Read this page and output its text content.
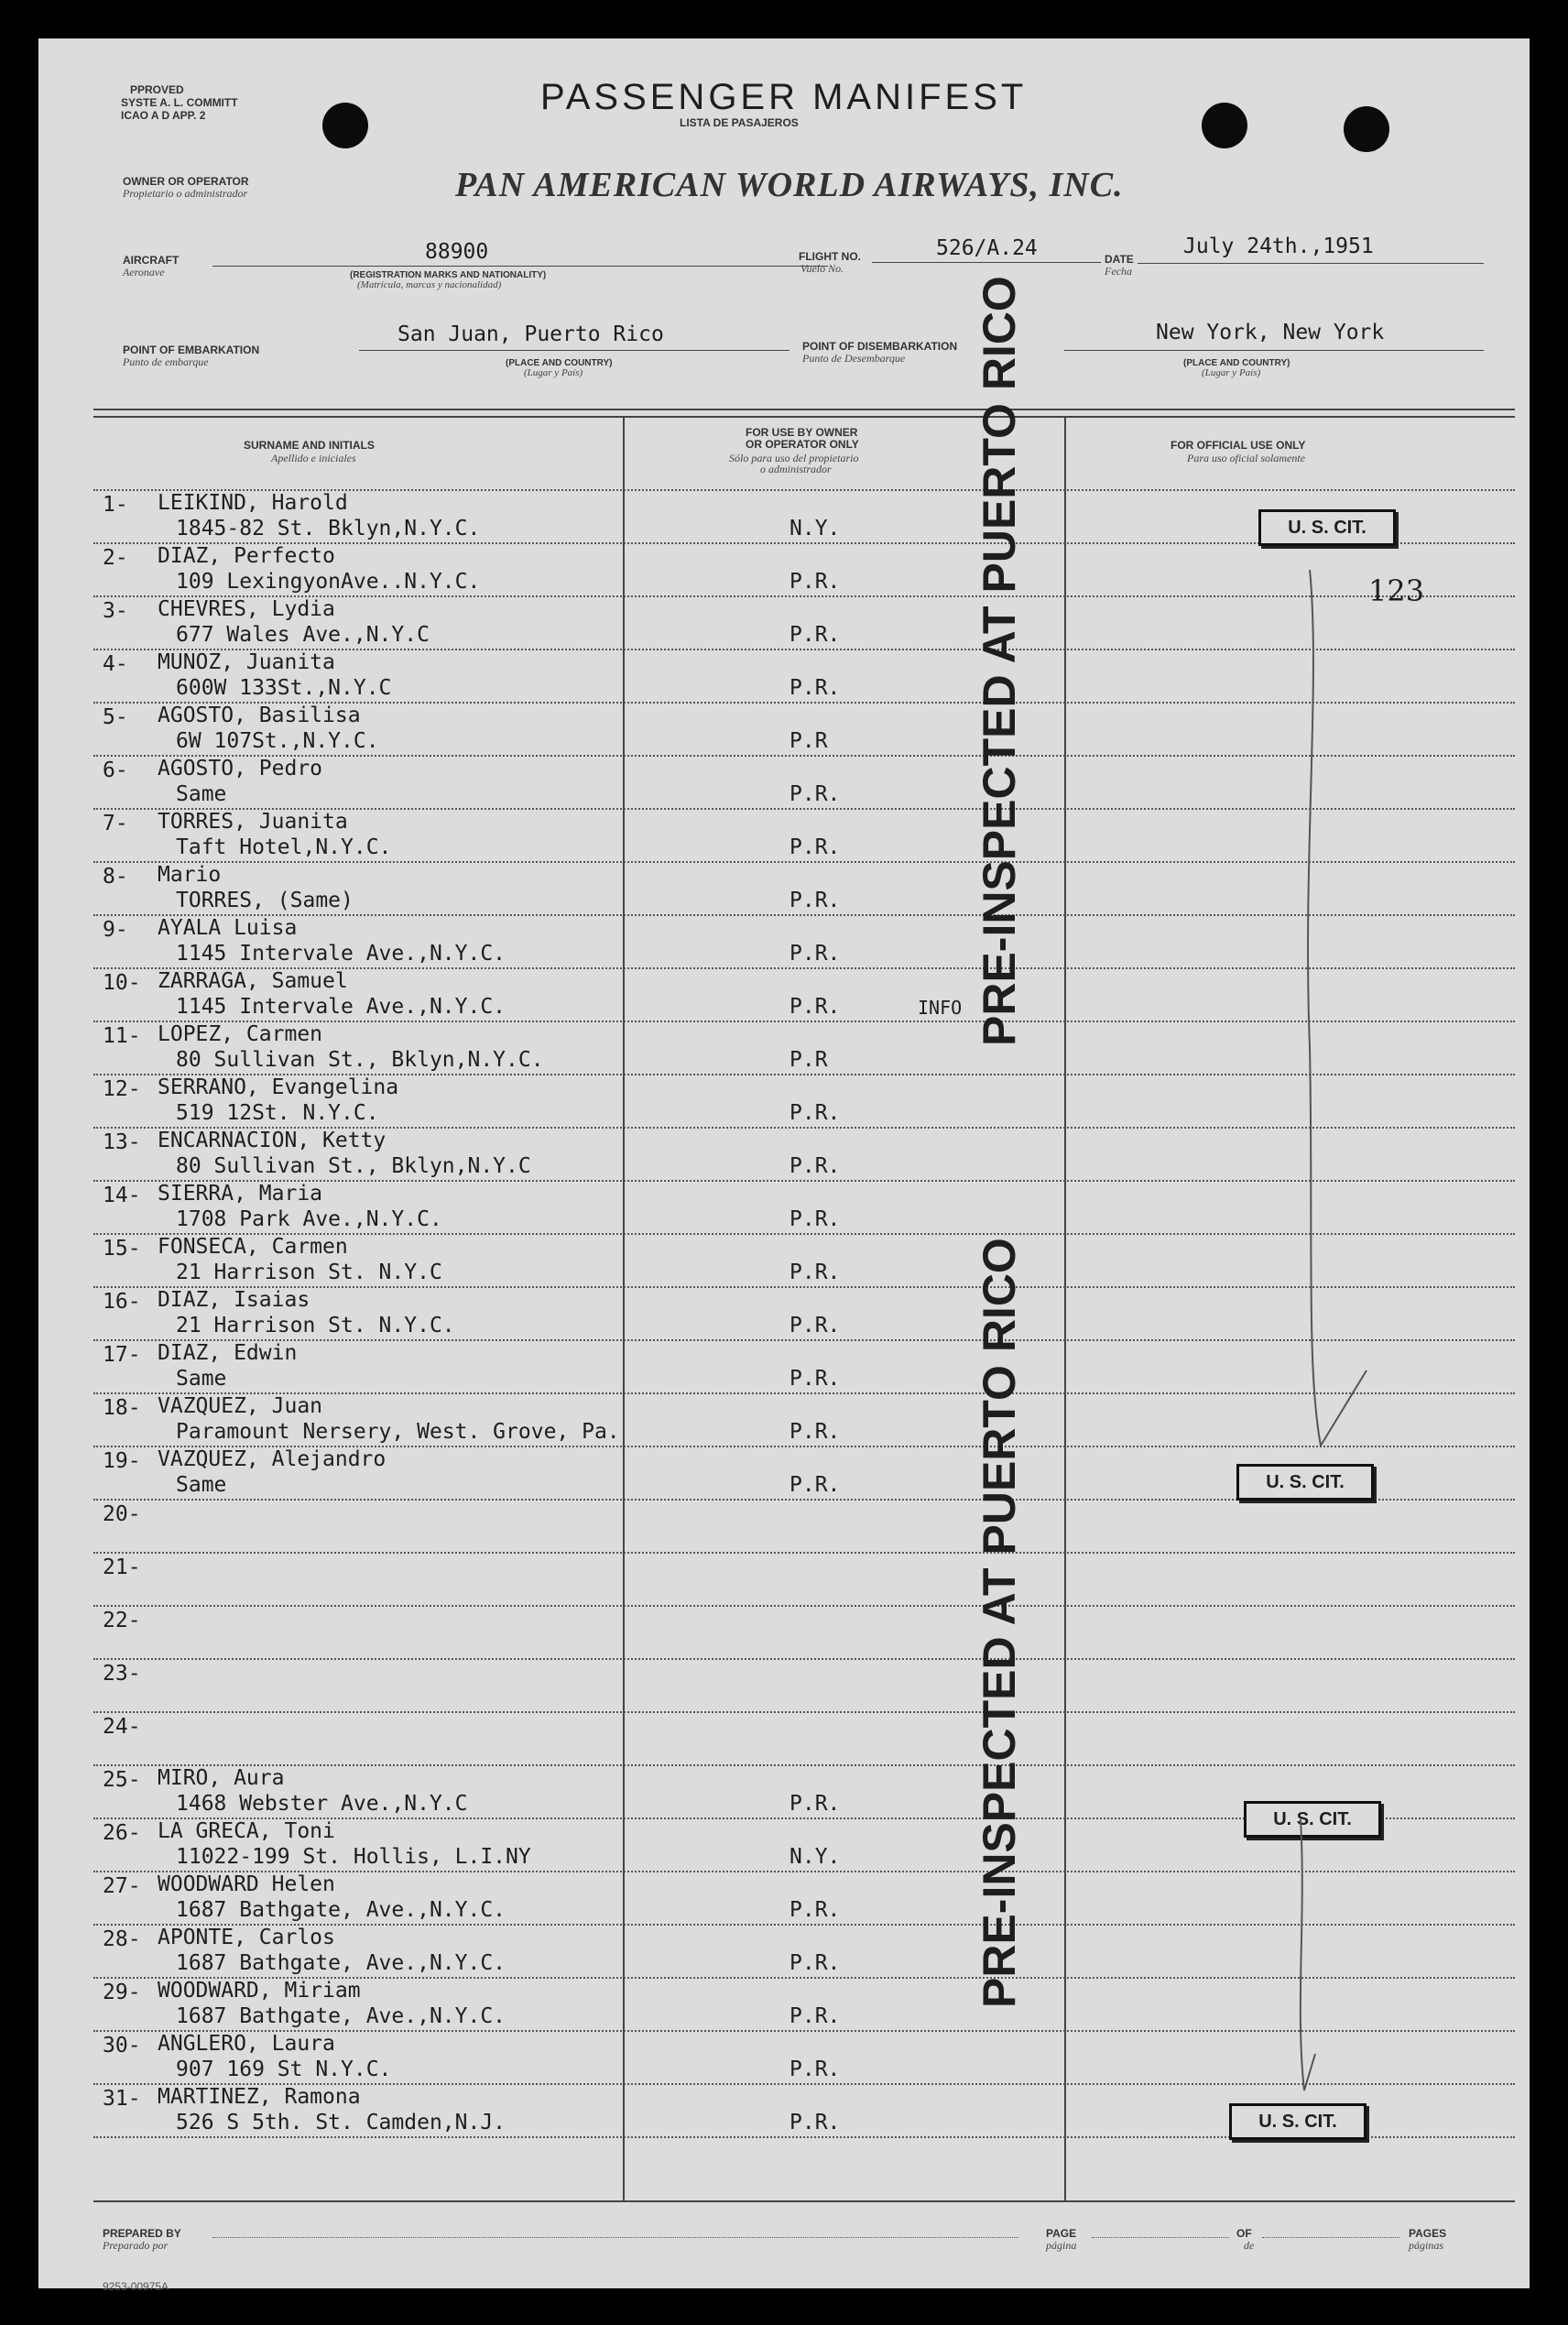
PPROVED
SYSTE A. L. COMMITT
ICAO A D APP. 2	PASSENGER MANIFEST
LISTA DE PASAJEROS
OWNER OR OPERATOR
Propietario o administrador	PAN AMERICAN WORLD AIRWAYS, INC.
AIRCRAFT
Aeronave
88900
(REGISTRATION MARKS AND NATIONALITY)
(Matrícula, marcas y nacionalidad)
FLIGHT NO.
Vuelo No.
526/A.24	DATE
Fecha
July 24th.,1951
POINT OF EMBARKATION
Punto de embarque
San Juan, Puerto Rico
(PLACE AND COUNTRY)
(Lugar y País)
POINT OF DISEMBARKATION
Punto de Desembarque
New York, New York
(PLACE AND COUNTRY)
(Lugar y País)
SURNAME AND INITIALS
Apellido e iniciales
FOR USE BY OWNER
OR OPERATOR ONLY
Sólo para uso del propietario
o administrador
FOR OFFICIAL USE ONLY
Para uso oficial solamente
1- LEIKIND, Harold
1845-82 St. Bklyn,N.Y.C.	N.Y.
2- DIAZ, Perfecto
109 LexingyonAve..N.Y.C.	P.R.
3- CHEVRES, Lydia
677 Wales Ave.,N.Y.C	P.R.
4- MUNOZ, Juanita
600W 133St.,N.Y.C	P.R.
5- AGOSTO, Basilisa
6W 107St.,N.Y.C.	P.R
6- AGOSTO, Pedro
Same	P.R.
7- TORRES, Juanita
Taft Hotel,N.Y.C.	P.R.
8- Mario
TORRES, (Same)	P.R.
9- AYALA Luisa
1145 Intervale Ave.,N.Y.C.	P.R.
10- ZARRAGA, Samuel
1145 Intervale Ave.,N.Y.C.	P.R.	INFO
11- LOPEZ, Carmen
80 Sullivan St., Bklyn,N.Y.C.	P.R
12- SERRANO, Evangelina
519 12St. N.Y.C.	P.R.
13- ENCARNACION, Ketty
80 Sullivan St., Bklyn,N.Y.C	P.R.
14- SIERRA, Maria
1708 Park Ave.,N.Y.C.	P.R.
15- FONSECA, Carmen
21 Harrison St. N.Y.C	P.R.
16- DIAZ, Isaias
21 Harrison St. N.Y.C.	P.R.
17- DIAZ, Edwin
Same	P.R.
18- VAZQUEZ, Juan
Paramount Nersery, West. Grove, Pa.	P.R.
19- VAZQUEZ, Alejandro
Same	P.R.
20-
21-
22-
23-
24-
25- MIRO, Aura
1468 Webster Ave.,N.Y.C	P.R.
26- LA GRECA, Toni
11022-199 St. Hollis, L.I.NY	N.Y.
27- WOODWARD Helen
1687 Bathgate, Ave.,N.Y.C.	P.R.
28- APONTE, Carlos
1687 Bathgate, Ave.,N.Y.C.	P.R.
29- WOODWARD, Miriam
1687 Bathgate, Ave.,N.Y.C.	P.R.
30- ANGLERO, Laura
907 169 St N.Y.C.	P.R.
31- MARTINEZ, Ramona
526 S 5th. St. Camden,N.J.	P.R.
PRE-INSPECTED AT PUERTO RICO
PRE-INSPECTED AT PUERTO RICO
U. S. CIT.
U. S. CIT.
U. S. CIT.
U. S. CIT.
123
PREPARED BY
Preparado por
PAGE
página
OF
de
PAGES
páginas
9253-00975A
